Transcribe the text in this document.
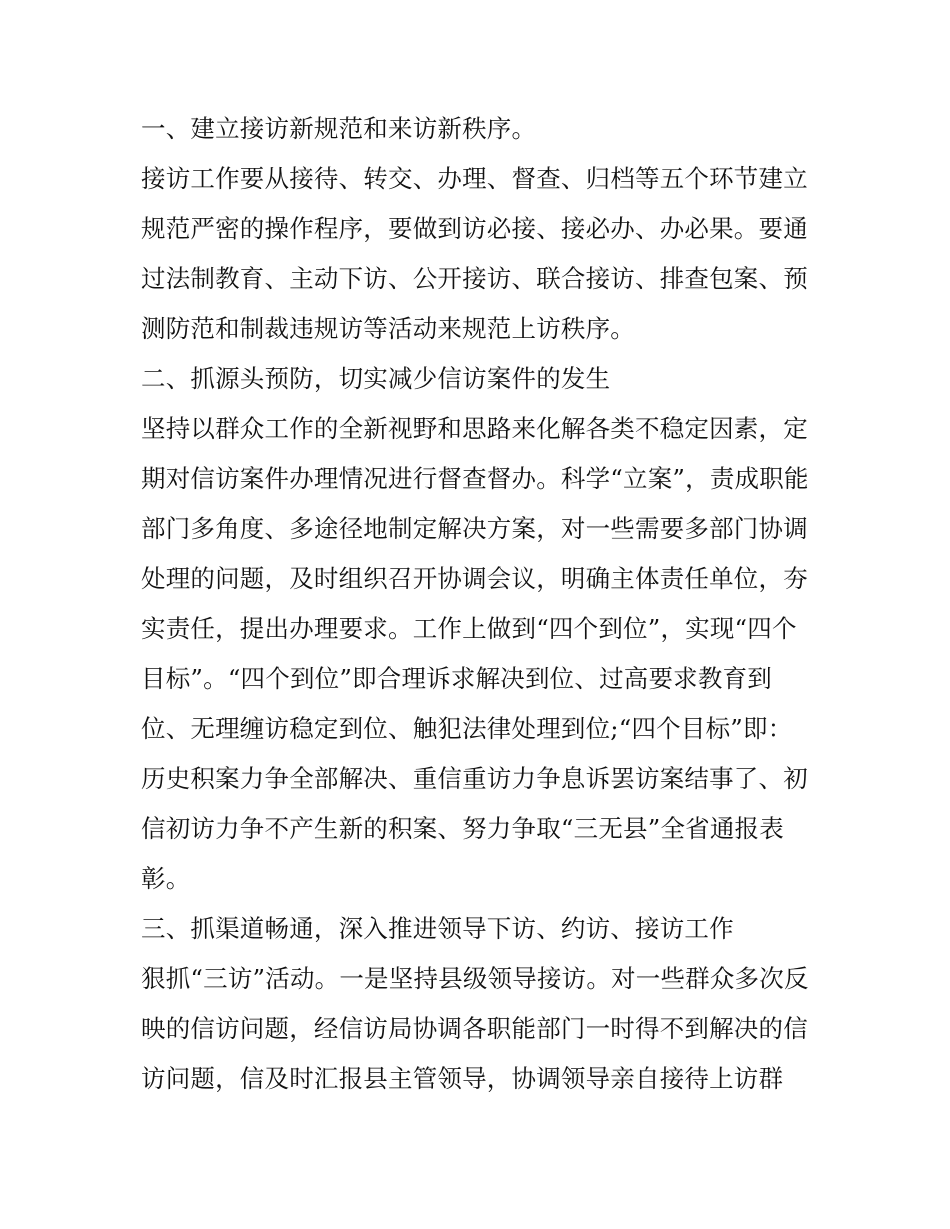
一、建立接访新规范和来访新秩序。
接访工作要从接待、转交、办理、督查、归档等五个环节建立
规范严密的操作程序，要做到访必接、接必办、办必果。要通
过法制教育、主动下访、公开接访、联合接访、排查包案、预
测防范和制裁违规访等活动来规范上访秩序。
二、抓源头预防，切实减少信访案件的发生
坚持以群众工作的全新视野和思路来化解各类不稳定因素，定
期对信访案件办理情况进行督查督办。科学“立案”，责成职能
部门多角度、多途径地制定解决方案，对一些需要多部门协调
处理的问题，及时组织召开协调会议，明确主体责任单位，夯
实责任，提出办理要求。工作上做到“四个到位”，实现“四个
目标”。“四个到位”即合理诉求解决到位、过高要求教育到
位、无理缠访稳定到位、触犯法律处理到位;“四个目标”即：
历史积案力争全部解决、重信重访力争息诉罢访案结事了、初
信初访力争不产生新的积案、努力争取“三无县”全省通报表
彰。
三、抓渠道畅通，深入推进领导下访、约访、接访工作
狠抓“三访”活动。一是坚持县级领导接访。对一些群众多次反
映的信访问题，经信访局协调各职能部门一时得不到解决的信
访问题，信及时汇报县主管领导，协调领导亲自接待上访群
